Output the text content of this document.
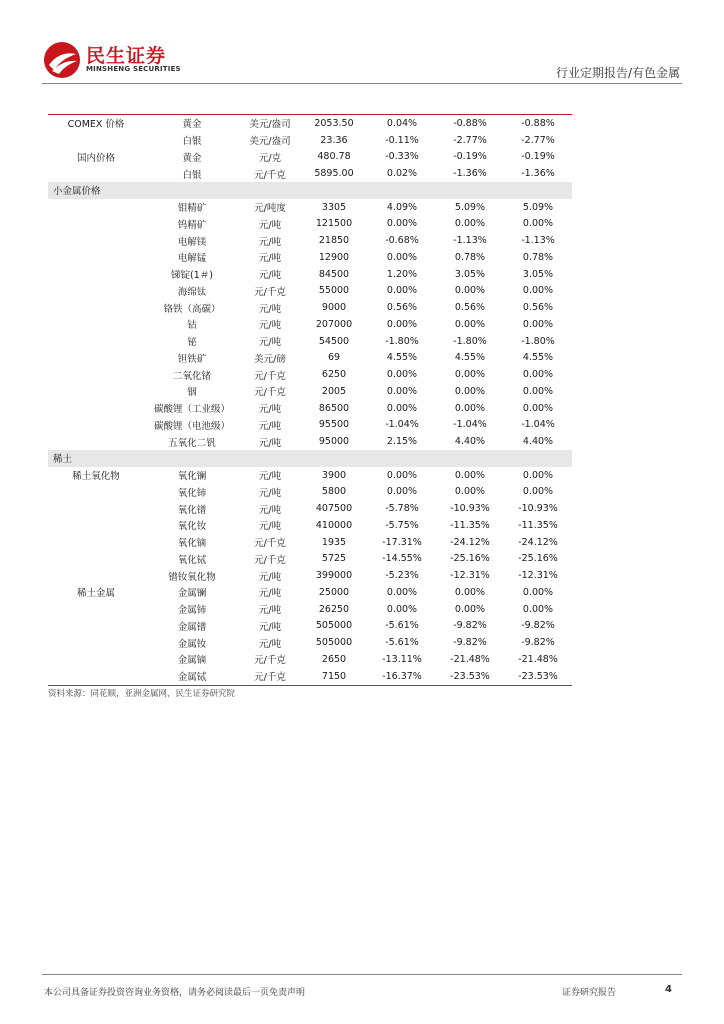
民生证券
MINSHENG SECURITIES	行业定期报告/有色金属
COMEX 价格	黄金	美元/盎司	2053.50	0.04%	-0.88%	-0.88%
	白银	美元/盎司	23.36	-0.11%	-2.77%	-2.77%
国内价格	黄金	元/克	480.78	-0.33%	-0.19%	-0.19%
	白银	元/千克	5895.00	0.02%	-1.36%	-1.36%
小金属价格						
	钼精矿	元/吨度	3305	4.09%	5.09%	5.09%
	钨精矿	元/吨	121500	0.00%	0.00%	0.00%
	电解镁	元/吨	21850	-0.68%	-1.13%	-1.13%
	电解锰	元/吨	12900	0.00%	0.78%	0.78%
	锑锭(1＃)	元/吨	84500	1.20%	3.05%	3.05%
	海绵钛	元/千克	55000	0.00%	0.00%	0.00%
	铬铁（高碳）	元/吨	9000	0.56%	0.56%	0.56%
	钴	元/吨	207000	0.00%	0.00%	0.00%
	铋	元/吨	54500	-1.80%	-1.80%	-1.80%
	钽铁矿	美元/磅	69	4.55%	4.55%	4.55%
	二氧化锗	元/千克	6250	0.00%	0.00%	0.00%
	铟	元/千克	2005	0.00%	0.00%	0.00%
	碳酸锂（工业级）	元/吨	86500	0.00%	0.00%	0.00%
	碳酸锂（电池级）	元/吨	95500	-1.04%	-1.04%	-1.04%
	五氧化二钒	元/吨	95000	2.15%	4.40%	4.40%
稀土						
稀土氧化物	氧化镧	元/吨	3900	0.00%	0.00%	0.00%
	氧化铈	元/吨	5800	0.00%	0.00%	0.00%
	氧化镨	元/吨	407500	-5.78%	-10.93%	-10.93%
	氧化钕	元/吨	410000	-5.75%	-11.35%	-11.35%
	氧化镝	元/千克	1935	-17.31%	-24.12%	-24.12%
	氧化铽	元/千克	5725	-14.55%	-25.16%	-25.16%
	镨钕氧化物	元/吨	399000	-5.23%	-12.31%	-12.31%
稀土金属	金属镧	元/吨	25000	0.00%	0.00%	0.00%
	金属铈	元/吨	26250	0.00%	0.00%	0.00%
	金属镨	元/吨	505000	-5.61%	-9.82%	-9.82%
	金属钕	元/吨	505000	-5.61%	-9.82%	-9.82%
	金属镝	元/千克	2650	-13.11%	-21.48%	-21.48%
	金属铽	元/千克	7150	-16.37%	-23.53%	-23.53%
资料来源：同花顺，亚洲金属网，民生证券研究院
本公司具备证券投资咨询业务资格，请务必阅读最后一页免责声明	证券研究报告	4
